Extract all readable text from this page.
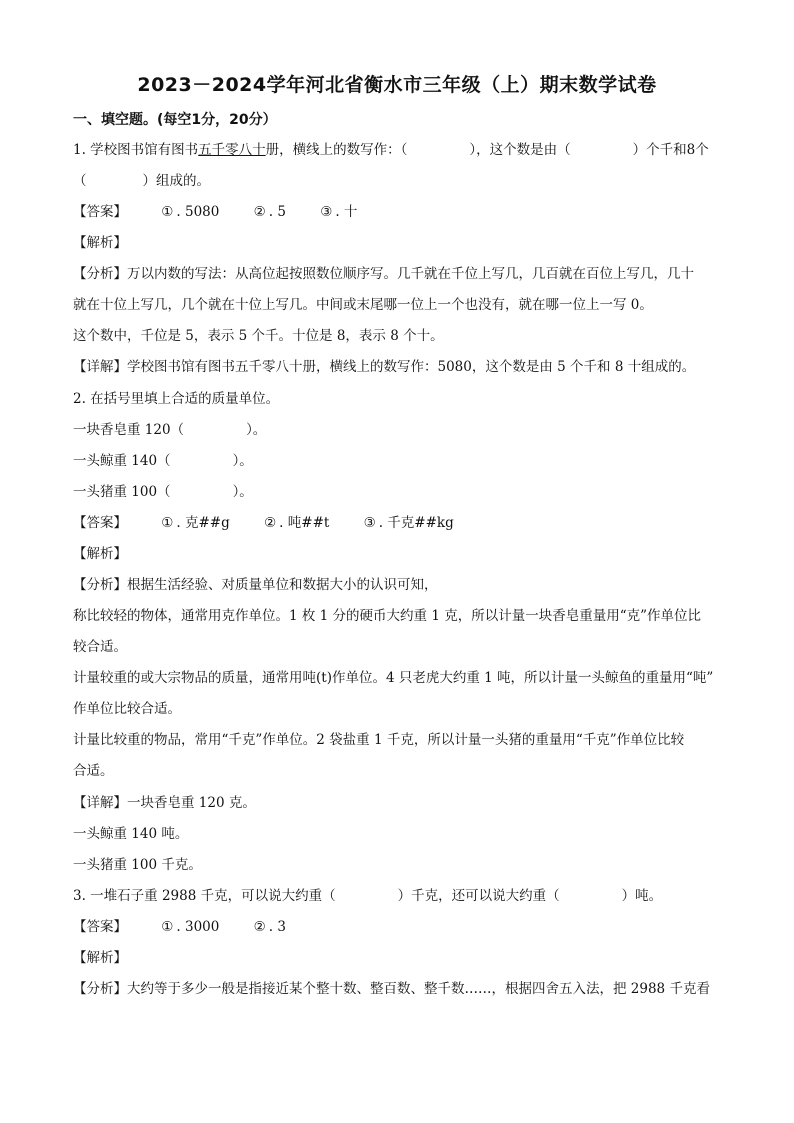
2023－2024学年河北省衡水市三年级（上）期末数学试卷
一、填空题。(每空1分，20分）
1. 学校图书馆有图书五千零八十册，横线上的数写作：（	），这个数是由（	）个千和8个
（	）组成的。
【答案】	① . 5080	② . 5	③ . 十
【解析】
【分析】万以内数的写法：从高位起按照数位顺序写。几千就在千位上写几，几百就在百位上写几，几十
就在十位上写几，几个就在十位上写几。中间或末尾哪一位上一个也没有，就在哪一位上一写 0。
这个数中，千位是 5，表示 5 个千。十位是 8，表示 8 个十。
【详解】学校图书馆有图书五千零八十册，横线上的数写作：5080，这个数是由 5 个千和 8 十组成的。
2. 在括号里填上合适的质量单位。
一块香皂重 120（	）。
一头鲸重 140（	）。
一头猪重 100（	）。
【答案】	① . 克##g	② . 吨##t	③ . 千克##kg
【解析】
【分析】根据生活经验、对质量单位和数据大小的认识可知，
称比较轻的物体，通常用克作单位。1 枚 1 分的硬币大约重 1 克，所以计量一块香皂重量用“克”作单位比
较合适。
计量较重的或大宗物品的质量，通常用吨(t)作单位。4 只老虎大约重 1 吨，所以计量一头鲸鱼的重量用“吨”
作单位比较合适。
计量比较重的物品，常用“千克”作单位。2 袋盐重 1 千克，所以计量一头猪的重量用“千克”作单位比较
合适。
【详解】一块香皂重 120 克。
一头鲸重 140 吨。
一头猪重 100 千克。
3. 一堆石子重 2988 千克，可以说大约重（	）千克，还可以说大约重（	）吨。
【答案】	① . 3000	② . 3
【解析】
【分析】大约等于多少一般是指接近某个整十数、整百数、整千数……，根据四舍五入法，把 2988 千克看
